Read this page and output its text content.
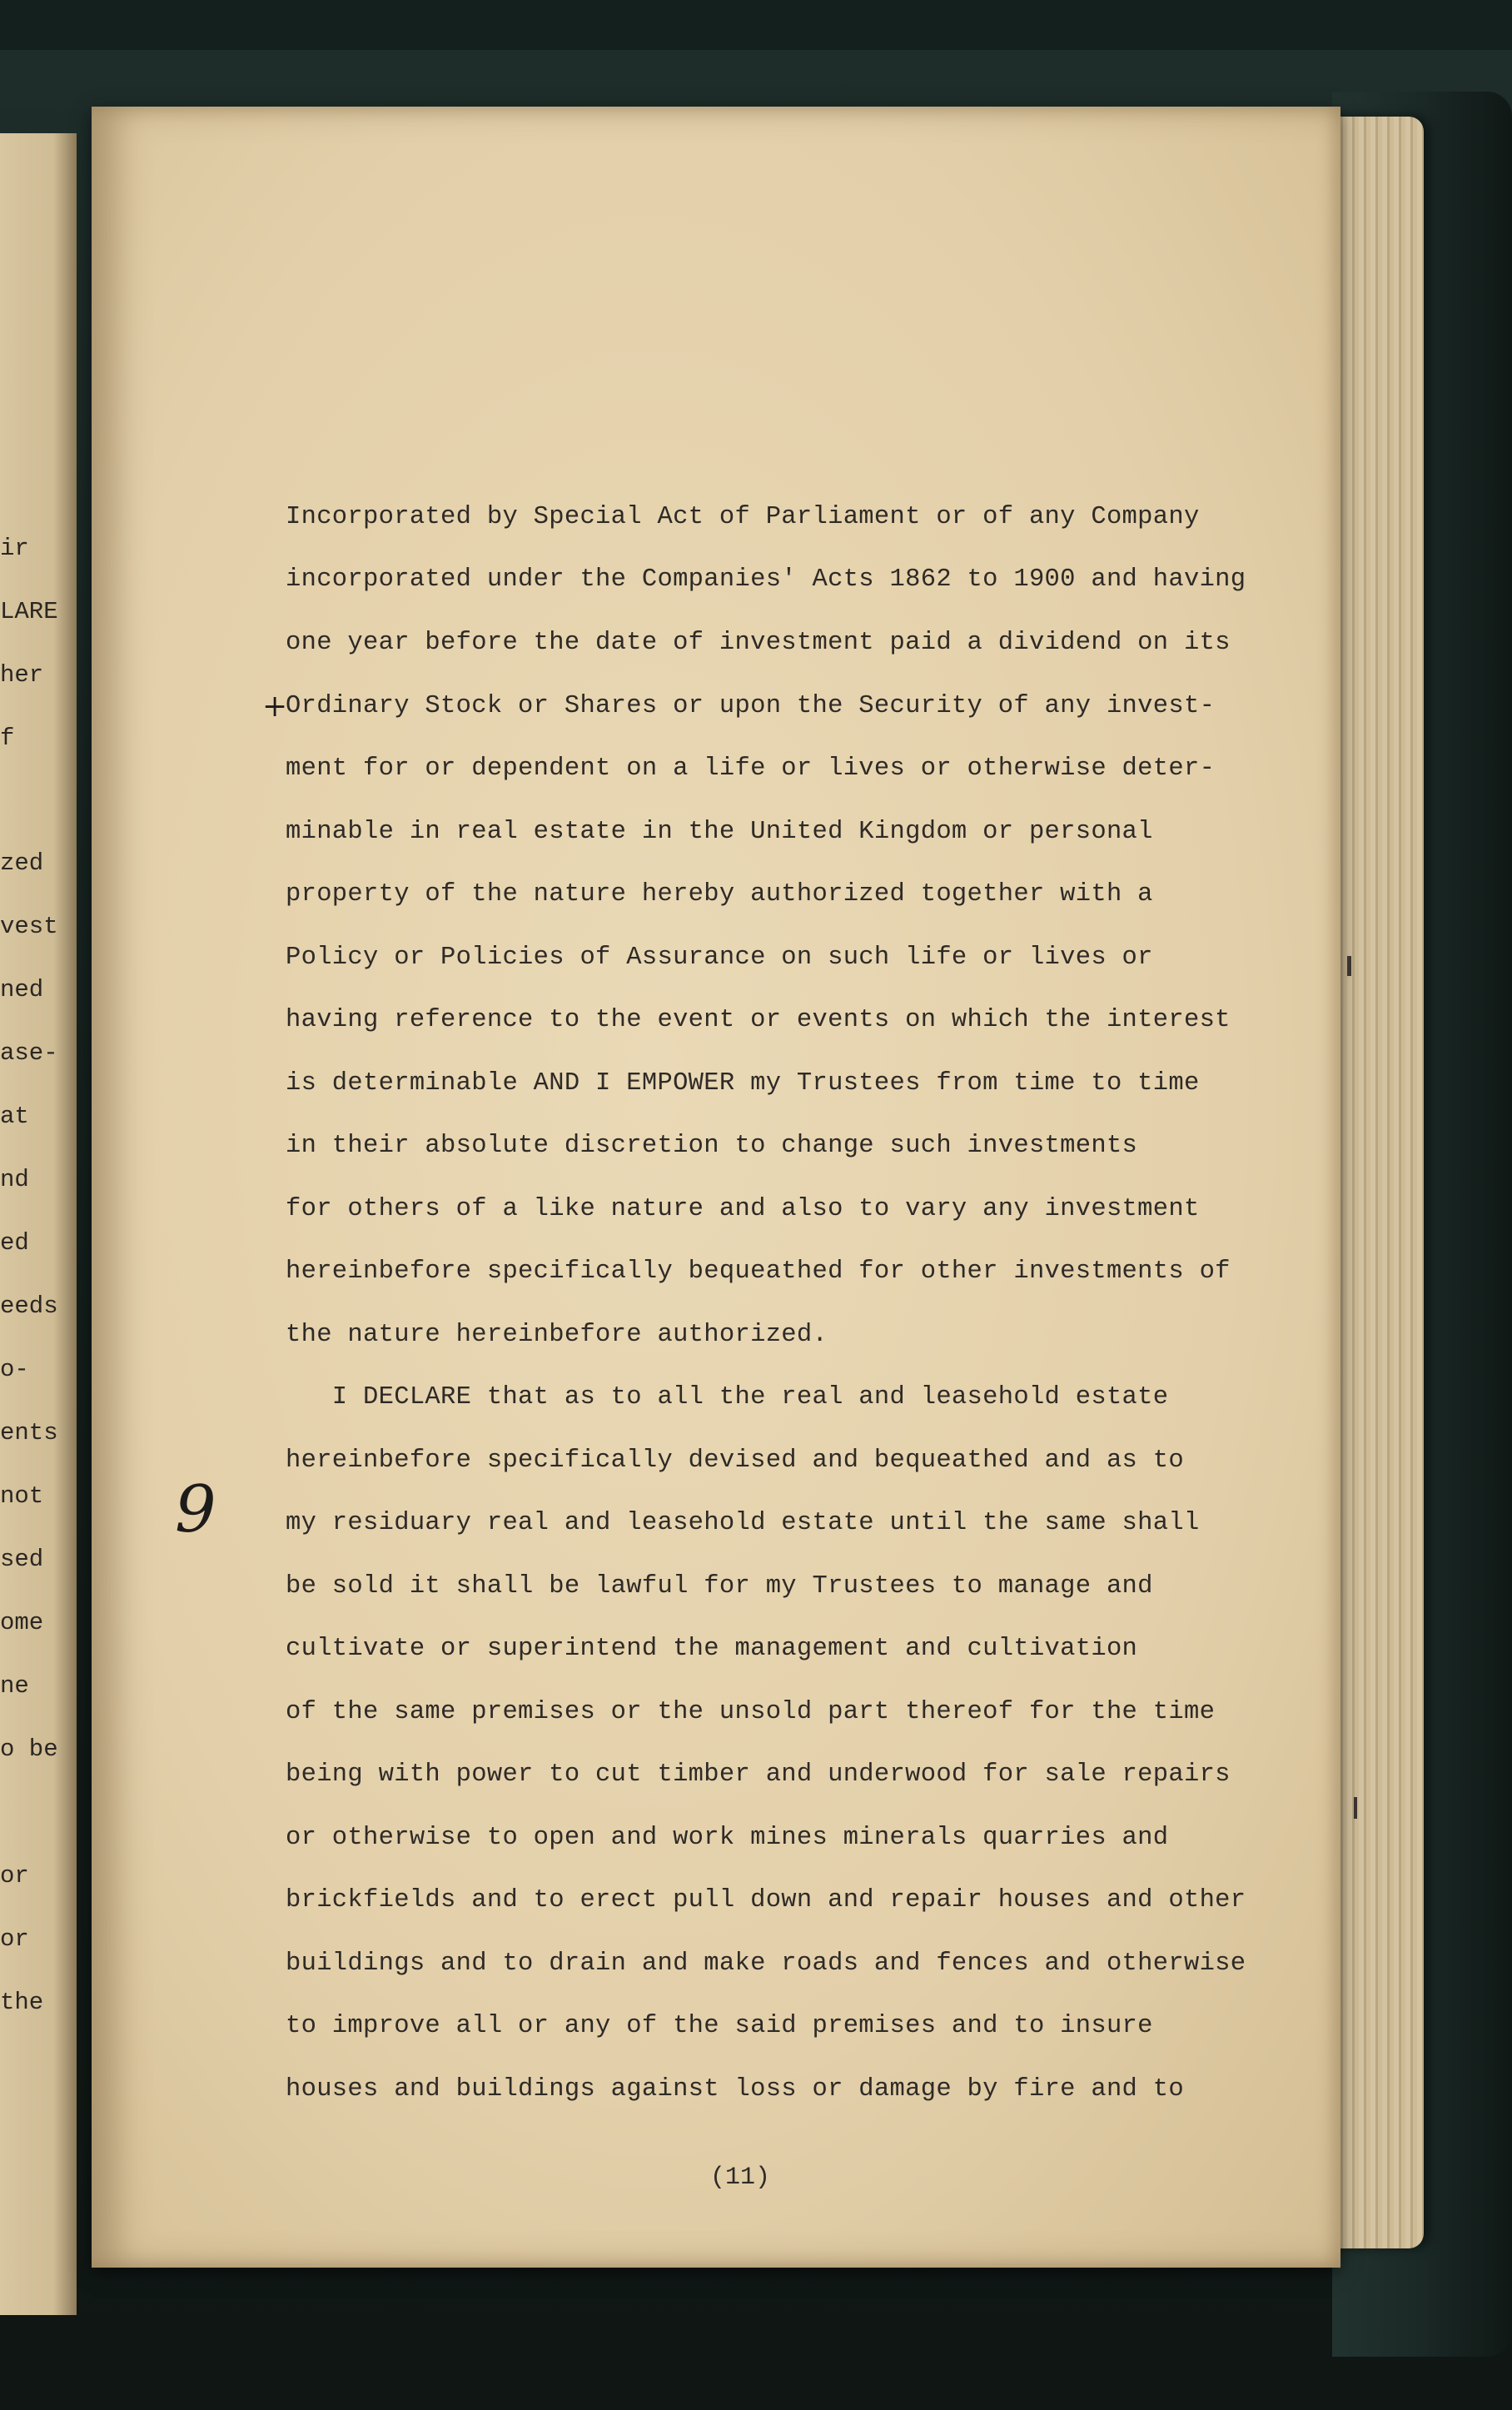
ir
LARE
her
f
zed
vest
ned
ase-
at
nd
ed
eeds
o-
ents
not
sed
ome
ne
o be
or
or
the
Incorporated by Special Act of Parliament or of any Company
incorporated under the Companies' Acts 1862 to 1900 and having
one year before the date of investment paid a dividend on its
Ordinary Stock or Shares or upon the Security of any invest-
ment for or dependent on a life or lives or otherwise deter-
minable in real estate in the United Kingdom or personal
property of the nature hereby authorized together with a
Policy or Policies of Assurance on such life or lives or
having reference to the event or events on which the interest
is determinable AND I EMPOWER my Trustees from time to time
in their absolute discretion to change such investments
for others of a like nature and also to vary any investment
hereinbefore specifically bequeathed for other investments of
the nature hereinbefore authorized.
I DECLARE that as to all the real and leasehold estate
hereinbefore specifically devised and bequeathed and as to
my residuary real and leasehold estate until the same shall
be sold it shall be lawful for my Trustees to manage and
cultivate or superintend the management and cultivation
of the same premises or the unsold part thereof for the time
being with power to cut timber and underwood for sale repairs
or otherwise to open and work mines minerals quarries and
brickfields and to erect pull down and repair houses and other
buildings and to drain and make roads and fences and otherwise
to improve all or any of the said premises and to insure
houses and buildings against loss or damage by fire and to
+
9
(11)
